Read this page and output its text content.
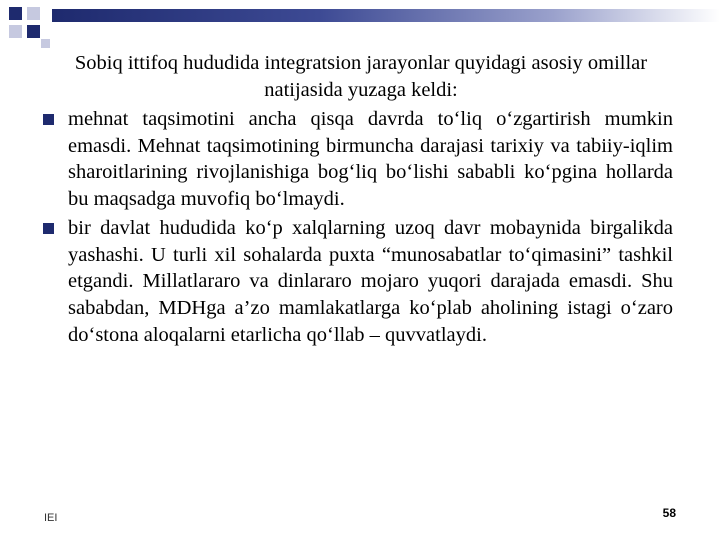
Sobiq ittifoq hududida integratsion jarayonlar quyidagi asosiy omillar natijasida yuzaga keldi:
mehnat taqsimotini ancha qisqa davrda to‘liq o‘zgartirish mumkin emasdi. Mehnat taqsimotining birmuncha darajasi tarixiy va tabiiy-iqlim sharoitlarining rivojlanishiga bog‘liq bo‘lishi sababli ko‘pgina hollarda bu maqsadga muvofiq bo‘lmaydi.
bir davlat hududida ko‘p xalqlarning uzoq davr mobaynida birgalikda yashashi. U turli xil sohalarda puxta “munosabatlar to‘qimasini” tashkil etgandi. Millatlararo va dinlararo mojaro yuqori darajada emasdi. Shu sababdan, MDHga a’zo mamlakatlarga ko‘plab aholining istagi o‘zaro do‘stona aloqalarni etarlicha qo‘llab – quvvatlaydi.
IEI	58
